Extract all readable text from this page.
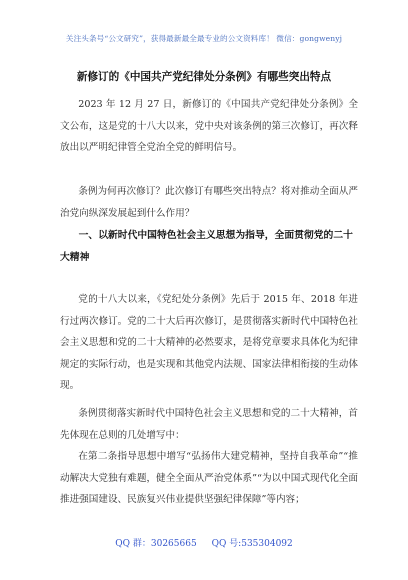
关注头条号“公文研究”，获得最新最全最专业的公文资料库！ 微信：gongwenyj
新修订的《中国共产党纪律处分条例》有哪些突出特点

2023 年 12 月 27 日，新修订的《中国共产党纪律处分条例》全文公布，这是党的十八大以来，党中央对该条例的第三次修订，再次释放出以严明纪律管全党治全党的鲜明信号。

条例为何再次修订？此次修订有哪些突出特点？将对推动全面从严治党向纵深发展起到什么作用？

一、以新时代中国特色社会主义思想为指导，全面贯彻党的二十大精神

党的十八大以来，《党纪处分条例》先后于 2015 年、2018 年进行过两次修订。党的二十大后再次修订，是贯彻落实新时代中国特色社会主义思想和党的二十大精神的必然要求，是将党章要求具体化为纪律规定的实际行动，也是实现和其他党内法规、国家法律相衔接的生动体现。

条例贯彻落实新时代中国特色社会主义思想和党的二十大精神，首先体现在总则的几处增写中：

在第二条指导思想中增写“弘扬伟大建党精神，坚持自我革命”“推动解决大党独有难题，健全全面从严治党体系”“为以中国式现代化全面推进强国建设、民族复兴伟业提供坚强纪律保障”等内容；

QQ 群：30265665 QQ 号:535304092
